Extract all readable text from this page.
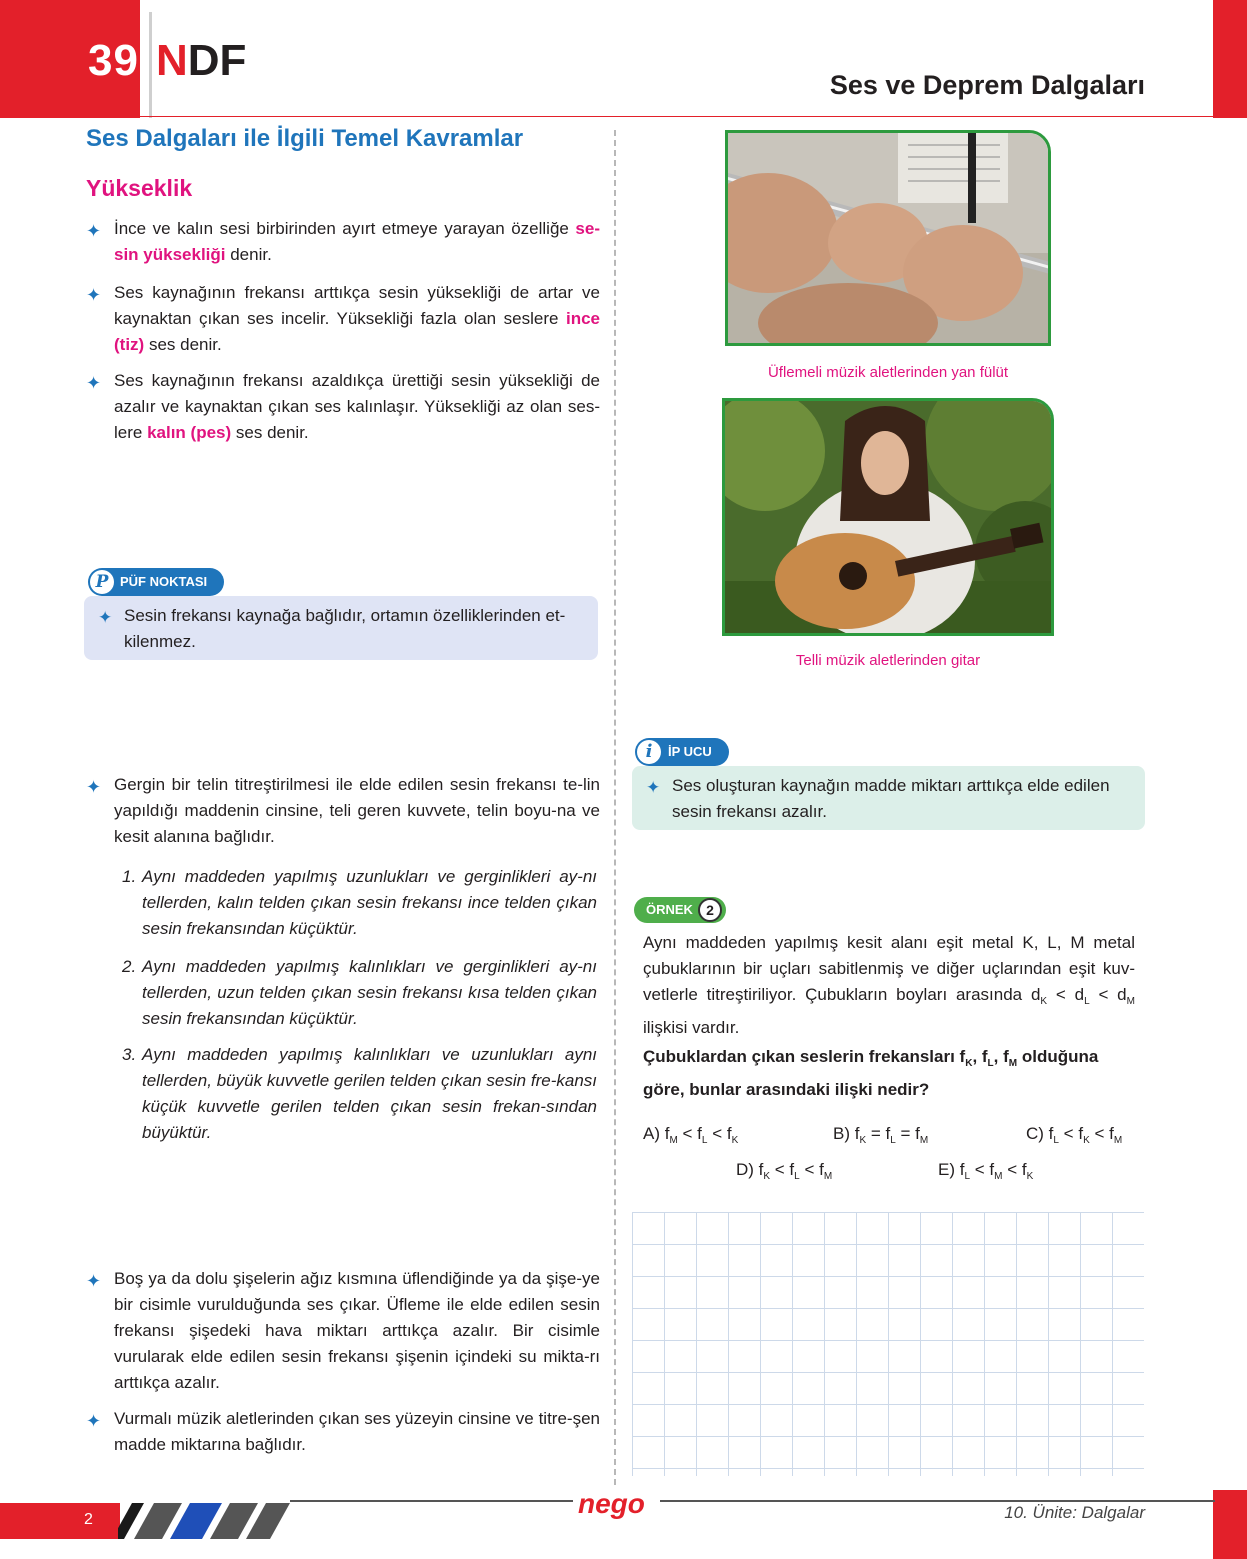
39 NDF	Ses ve Deprem Dalgaları
Ses Dalgaları ile İlgili Temel Kavramlar
Yükseklik
✦ İnce ve kalın sesi birbirinden ayırt etmeye yarayan özelliğe se-sin yüksekliği denir.
✦ Ses kaynağının frekansı arttıkça sesin yüksekliği de artar ve kaynaktan çıkan ses incelir. Yüksekliği fazla olan seslere ince (tiz) ses denir.
✦ Ses kaynağının frekansı azaldıkça ürettiği sesin yüksekliği de azalır ve kaynaktan çıkan ses kalınlaşır. Yüksekliği az olan ses-lere kalın (pes) ses denir.
P PÜF NOKTASI
✦ Sesin frekansı kaynağa bağlıdır, ortamın özelliklerinden et-kilenmez.
✦ Gergin bir telin titreştirilmesi ile elde edilen sesin frekansı te-lin yapıldığı maddenin cinsine, teli geren kuvvete, telin boyu-na ve kesit alanına bağlıdır.
1. Aynı maddeden yapılmış uzunlukları ve gerginlikleri ay-nı tellerden, kalın telden çıkan sesin frekansı ince telden çıkan sesin frekansından küçüktür.
2. Aynı maddeden yapılmış kalınlıkları ve gerginlikleri ay-nı tellerden, uzun telden çıkan sesin frekansı kısa telden çıkan sesin frekansından küçüktür.
3. Aynı maddeden yapılmış kalınlıkları ve uzunlukları aynı tellerden, büyük kuvvetle gerilen telden çıkan sesin fre-kansı küçük kuvvetle gerilen telden çıkan sesin frekan-sından büyüktür.
✦ Boş ya da dolu şişelerin ağız kısmına üflendiğinde ya da şişe-ye bir cisimle vurulduğunda ses çıkar. Üfleme ile elde edilen sesin frekansı şişedeki hava miktarı arttıkça azalır. Bir cisimle vurularak elde edilen sesin frekansı şişenin içindeki su mikta-rı arttıkça azalır.
✦ Vurmalı müzik aletlerinden çıkan ses yüzeyin cinsine ve titre-şen madde miktarına bağlıdır.
Üflemeli müzik aletlerinden yan fülüt
Telli müzik aletlerinden gitar
i	İP UCU
✦ Ses oluşturan kaynağın madde miktarı arttıkça elde edilen sesin frekansı azalır.
ÖRNEK 2
Aynı maddeden yapılmış kesit alanı eşit metal K, L, M metal çubuklarının bir uçları sabitlenmiş ve diğer uçlarından eşit kuv-vetlerle titreştiriliyor. Çubukların boyları arasında $d_K < d_L < d_M$ ilişkisi vardır.
Çubuklardan çıkan seslerin frekansları $f_K$, $f_L$, $f_M$ olduğuna göre, bunlar arasındaki ilişki nedir?
A) $f_M < f_L < f_K$	B) $f_K = f_L = f_M$	C) $f_L < f_K < f_M$
D) $f_K < f_L < f_M$	E) $f_L < f_M < f_K$
2
nego	10. Ünite: Dalgalar
